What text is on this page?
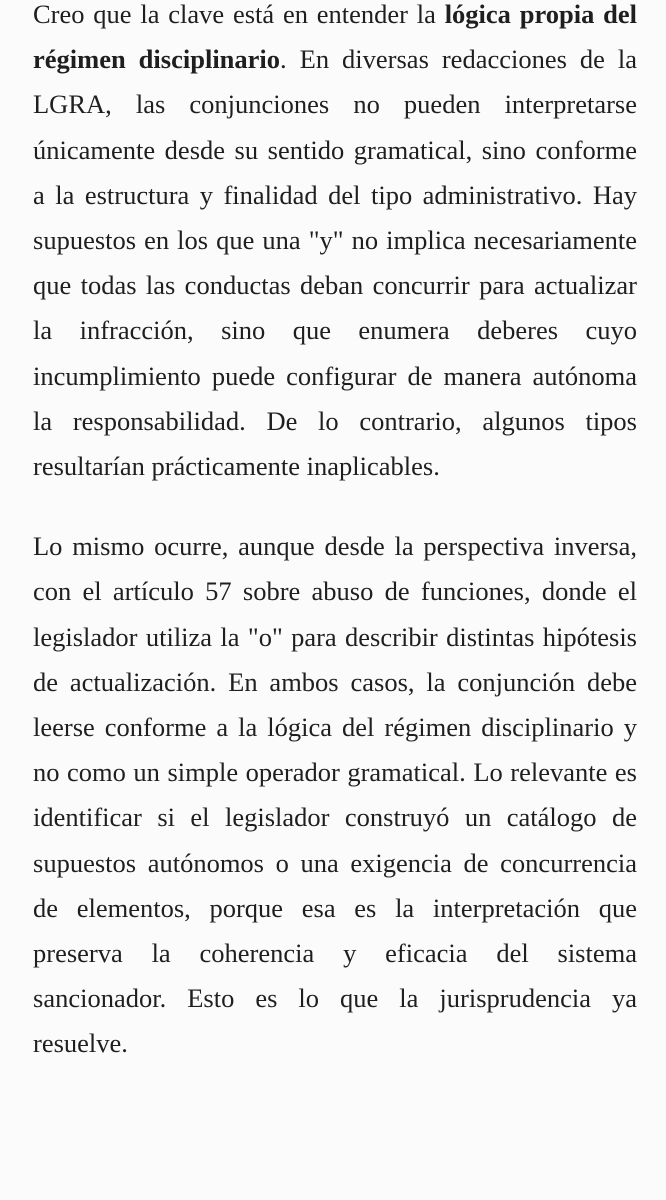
Creo que la clave está en entender la lógica propia del régimen disciplinario. En diversas redacciones de la LGRA, las conjunciones no pueden interpretarse únicamente desde su sentido gramatical, sino conforme a la estructura y finalidad del tipo administrativo. Hay supuestos en los que una "y" no implica necesariamente que todas las conductas deban concurrir para actualizar la infracción, sino que enumera deberes cuyo incumplimiento puede configurar de manera autónoma la responsabilidad. De lo contrario, algunos tipos resultarían prácticamente inaplicables.

Lo mismo ocurre, aunque desde la perspectiva inversa, con el artículo 57 sobre abuso de funciones, donde el legislador utiliza la "o" para describir distintas hipótesis de actualización. En ambos casos, la conjunción debe leerse conforme a la lógica del régimen disciplinario y no como un simple operador gramatical. Lo relevante es identificar si el legislador construyó un catálogo de supuestos autónomos o una exigencia de concurrencia de elementos, porque esa es la interpretación que preserva la coherencia y eficacia del sistema sancionador. Esto es lo que la jurisprudencia ya resuelve.
